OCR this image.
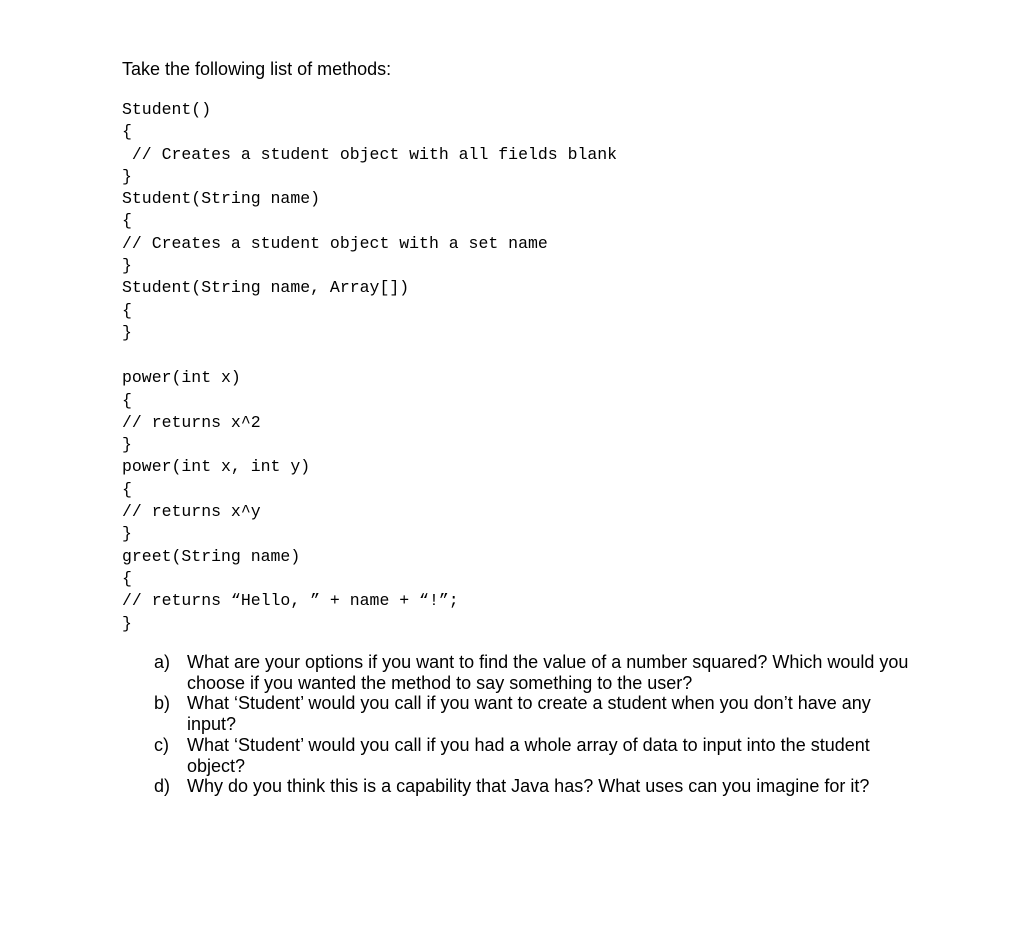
Take the following list of methods:
Student()
{
// Creates a student object with all fields blank
}
Student(String name)
{
// Creates a student object with a set name
}
Student(String name, Array[])
{
}
power(int x)
{
// returns x^2
}
power(int x, int y)
{
// returns x^y
}
greet(String name)
{
// returns “Hello, ” + name + “!”;
}
a) What are your options if you want to find the value of a number squared? Which would you choose if you wanted the method to say something to the user?
b) What ‘Student’ would you call if you want to create a student when you don’t have any input?
c)	What ‘Student’ would you call if you had a whole array of data to input into the student object?
d) Why do you think this is a capability that Java has? What uses can you imagine for it?
